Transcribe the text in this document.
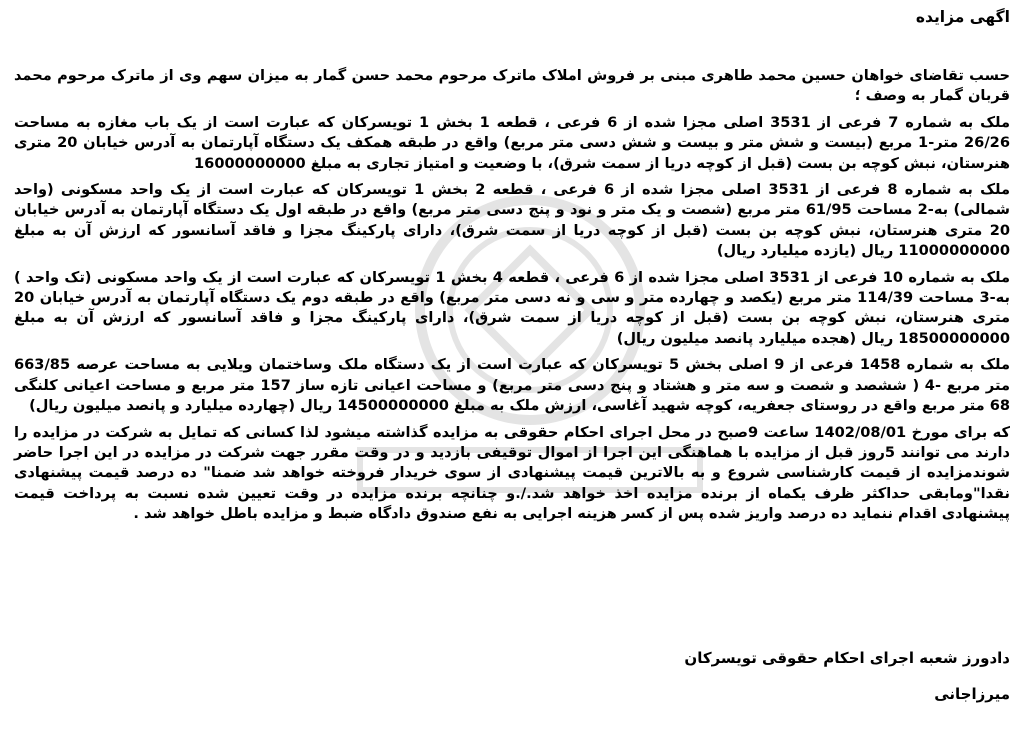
اگهی مزایده

حسب تقاضای خواهان حسین محمد طاهری مبنی بر فروش املاک ماترک مرحوم محمد حسن گمار به میزان سهم وی از ماترک مرحوم محمد قربان گمار به وصف ؛

ملک به شماره 7 فرعی از 3531 اصلی مجزا شده از 6 فرعی ، قطعه 1 بخش 1 تویسرکان که عبارت است از یک باب مغازه به مساحت 26/26 متر-1 مربع (بیست و شش متر و بیست و شش دسی متر مربع) واقع در طبقه همکف یک دستگاه آپارتمان به آدرس خیابان 20 متری هنرستان، نبش کوچه بن بست (قبل از کوچه دریا از سمت شرق)، با وضعیت و امتیاز تجاری به مبلغ 16000000000

ملک به شماره 8 فرعی از 3531 اصلی مجزا شده از 6 فرعی ، قطعه 2 بخش 1 تویسرکان که عبارت است از یک واحد مسکونی (واحد شمالی) به-2 مساحت 61/95 متر مربع (شصت و یک متر و نود و پنج دسی متر مربع) واقع در طبقه اول یک دستگاه آپارتمان به آدرس خیابان 20 متری هنرستان، نبش کوچه بن بست (قبل از کوچه دریا از سمت شرق)، دارای پارکینگ مجزا و فاقد آسانسور که ارزش آن به مبلغ 11000000000 ریال (یازده میلیارد ریال)

ملک به شماره 10 فرعی از 3531 اصلی مجزا شده از 6 فرعی ، قطعه 4 بخش 1 تویسرکان که عبارت است از یک واحد مسکونی (تک واحد ) به-3 مساحت 114/39 متر مربع (یکصد و چهارده متر و سی و نه دسی متر مربع) واقع در طبقه دوم یک دستگاه آپارتمان به آدرس خیابان 20 متری هنرستان، نبش کوچه بن بست (قبل از کوچه دریا از سمت شرق)، دارای پارکینگ مجزا و فاقد آسانسور که ارزش آن به مبلغ 18500000000 ریال (هجده میلیارد پانصد میلیون ریال)

ملک به شماره 1458 فرعی از 9 اصلی بخش 5 تویسرکان که عبارت است از یک دستگاه ملک وساختمان ویلایی به مساحت عرصه 663/85 متر مربع -4 ( ششصد و شصت و سه متر و هشتاد و پنج دسی متر مربع) و مساحت اعیانی تازه ساز 157 متر مربع و مساحت اعیانی کلنگی 68 متر مربع واقع در روستای جعفریه، کوچه شهید آغاسی، ارزش ملک به مبلغ 14500000000 ریال (چهارده میلیارد و پانصد میلیون ریال)

که برای مورخ 1402/08/01 ساعت 9صبح در محل اجرای احکام حقوقی به مزایده گذاشته میشود لذا کسانی که تمایل به شرکت در مزایده را دارند می توانند 5روز قبل از مزایده با هماهنگی این اجرا از اموال توقیفی بازدید و در وقت مقرر جهت شرکت در مزایده در این اجرا حاضر شوندمزایده از قیمت کارشناسی شروع و به بالاترین قیمت پیشنهادی از سوی خریدار فروخته خواهد شد ضمنا" ده درصد قیمت پیشنهادی نقدا"ومابقی حداکثر ظرف یکماه از برنده مزایده اخذ خواهد شد./.و چنانچه برنده مزایده در وقت تعیین شده نسبت به پرداخت قیمت پیشنهادی اقدام ننماید ده درصد واریز شده پس از کسر هزینه اجرایی به نفع صندوق دادگاه ضبط و مزایده باطل خواهد شد .

دادورز شعبه اجرای احکام حقوقی تویسرکان
میرزاجانی
